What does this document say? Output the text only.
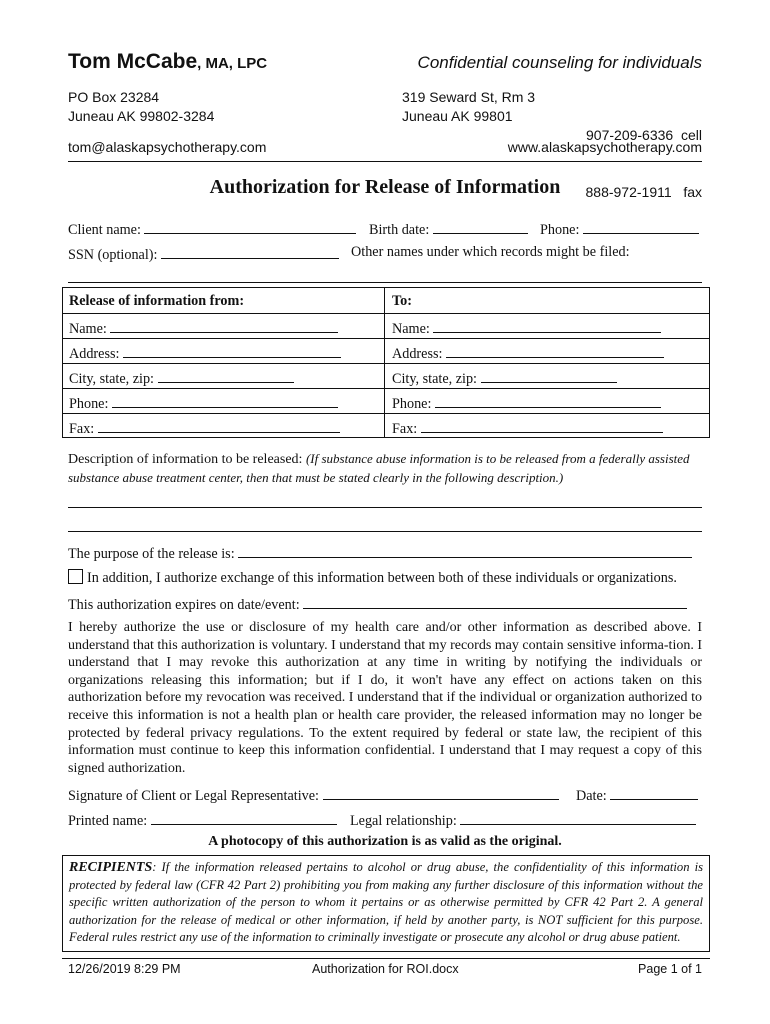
Tom McCabe, MA, LPC	Confidential counseling for individuals
PO Box 23284
Juneau AK 99802-3284
319 Seward St, Rm 3
Juneau AK 99801

907-209-6336  cell

888-972-1911   fax

tom@alaskapsychotherapy.com	www.alaskapsychotherapy.com
Authorization for Release of Information
Client name:	Birth date:	Phone:
SSN (optional):	Other names under which records might be filed:
Release of information from:	To:
Name:	Name:
Address:	Address:
City, state, zip:	City, state, zip:
Phone:	Phone:
Fax:	Fax:
Description of information to be released: (If substance abuse information is to be released from a federally assisted substance abuse treatment center, then that must be stated clearly in the following description.)
The purpose of the release is:
In addition, I authorize exchange of this information between both of these individuals or organizations.
This authorization expires on date/event:
I hereby authorize the use or disclosure of my health care and/or other information as described above. I understand that this authorization is voluntary. I understand that my records may contain sensitive informa-tion. I understand that I may revoke this authorization at any time in writing by notifying the individuals or organizations releasing this information; but if I do, it won't have any effect on actions taken on this authorization before my revocation was received. I understand that if the individual or organization authorized to receive this information is not a health plan or health care provider, the released information may no longer be protected by federal privacy regulations. To the extent required by federal or state law, the recipient of this information must continue to keep this information confidential. I understand that I may request a copy of this signed authorization.
Signature of Client or Legal Representative:	Date:
Printed name:	Legal relationship:
A photocopy of this authorization is as valid as the original.
RECIPIENTS: If the information released pertains to alcohol or drug abuse, the confidentiality of this information is protected by federal law (CFR 42 Part 2) prohibiting you from making any further disclosure of this information without the specific written authorization of the person to whom it pertains or as otherwise permitted by CFR 42 Part 2. A general authorization for the release of medical or other information, if held by another party, is NOT sufficient for this purpose. Federal rules restrict any use of the information to criminally investigate or prosecute any alcohol or drug abuse patient.
12/26/2019 8:29 PM	Authorization for ROI.docx	Page 1 of 1
